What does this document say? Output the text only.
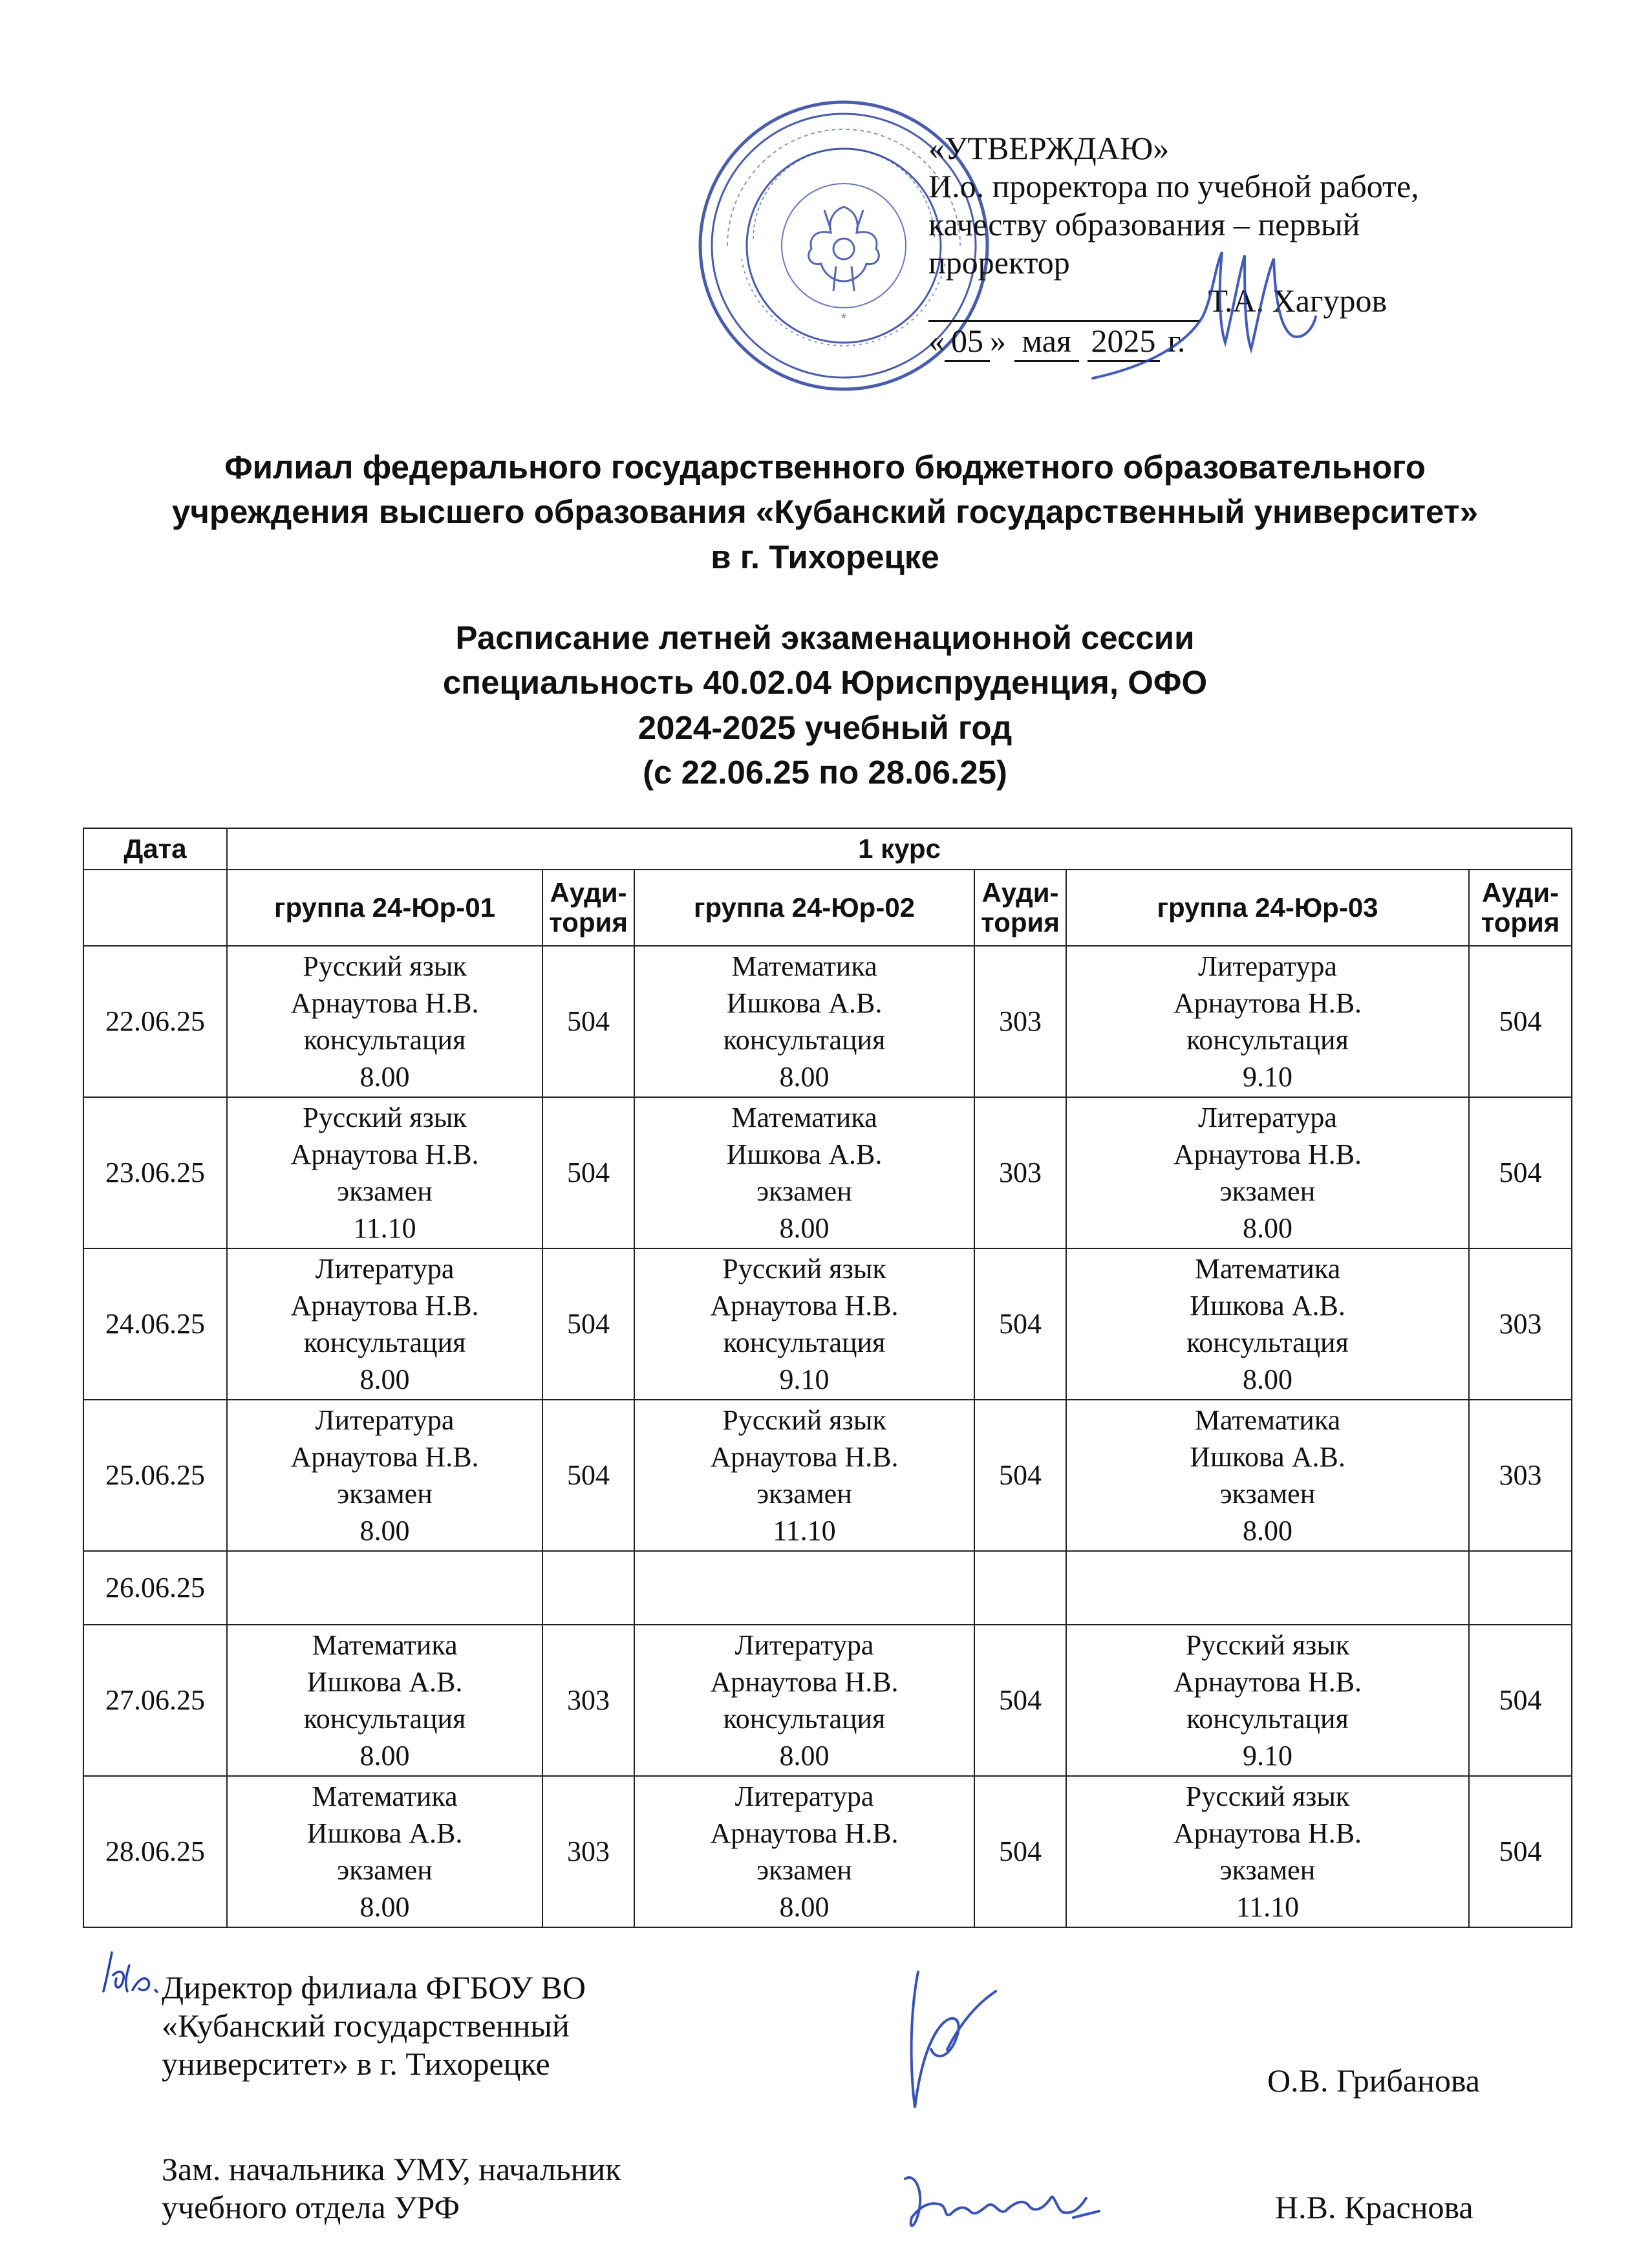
*
«УТВЕРЖДАЮ»
И.о. проректора по учебной работе,
качеству образования – первый
проректор
Т.А. Хагуров
« 05 » мая 2025 г.
Филиал федерального государственного бюджетного образовательного
учреждения высшего образования «Кубанский государственный университет»
в г. Тихорецке
Расписание летней экзаменационной сессии
специальность 40.02.04 Юриспруденция, ОФО
2024-2025 учебный год
(с 22.06.25 по 28.06.25)
Дата	1 курс					
	группа 24-Юр-01	Ауди-тория	группа 24-Юр-02	Ауди-тория	группа 24-Юр-03	Ауди-тория
22.06.25	Русский язык
Арнаутова Н.В.
консультация
8.00	504	Математика
Ишкова А.В.
консультация
8.00	303	Литература
Арнаутова Н.В.
консультация
9.10	504
23.06.25	Русский язык
Арнаутова Н.В.
экзамен
11.10	504	Математика
Ишкова А.В.
экзамен
8.00	303	Литература
Арнаутова Н.В.
экзамен
8.00	504
24.06.25	Литература
Арнаутова Н.В.
консультация
8.00	504	Русский язык
Арнаутова Н.В.
консультация
9.10	504	Математика
Ишкова А.В.
консультация
8.00	303
25.06.25	Литература
Арнаутова Н.В.
экзамен
8.00	504	Русский язык
Арнаутова Н.В.
экзамен
11.10	504	Математика
Ишкова А.В.
экзамен
8.00	303
26.06.25						
27.06.25	Математика
Ишкова А.В.
консультация
8.00	303	Литература
Арнаутова Н.В.
консультация
8.00	504	Русский язык
Арнаутова Н.В.
консультация
9.10	504
28.06.25	Математика
Ишкова А.В.
экзамен
8.00	303	Литература
Арнаутова Н.В.
экзамен
8.00	504	Русский язык
Арнаутова Н.В.
экзамен
11.10	504
Директор филиала ФГБОУ ВО
«Кубанский государственный
университет» в г. Тихорецке	О.В. Грибанова
Зам. начальника УМУ, начальник
учебного отдела УРФ	Н.В. Краснова
